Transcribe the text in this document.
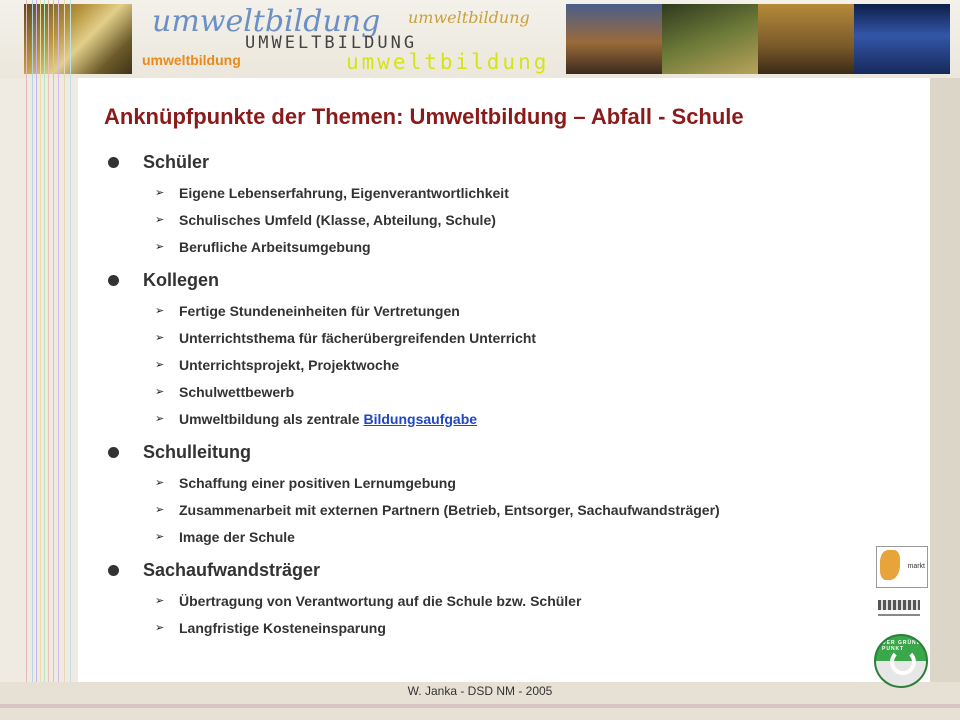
umweltbildung umweltbildung
UMWELTBILDUNG
umweltbildung	umweltbildung
Anknüpfpunkte der Themen: Umweltbildung – Abfall - Schule
Schüler
➢	Eigene Lebenserfahrung, Eigenverantwortlichkeit
➢	Schulisches Umfeld (Klasse, Abteilung, Schule)
➢	Berufliche Arbeitsumgebung
Kollegen
➢	Fertige Stundeneinheiten für Vertretungen
➢	Unterrichtsthema für fächerübergreifenden Unterricht
➢	Unterrichtsprojekt, Projektwoche
➢	Schulwettbewerb
➢	Umweltbildung als zentrale Bildungsaufgabe
Schulleitung
➢	Schaffung einer positiven Lernumgebung
➢	Zusammenarbeit mit externen Partnern (Betrieb, Entsorger, Sachaufwandsträger)
➢	Image der Schule
Sachaufwandsträger
➢	Übertragung von Verantwortung auf die Schule bzw. Schüler
➢	Langfristige Kosteneinsparung
markt
DER GRÜNE PUNKT
W. Janka - DSD NM - 2005
